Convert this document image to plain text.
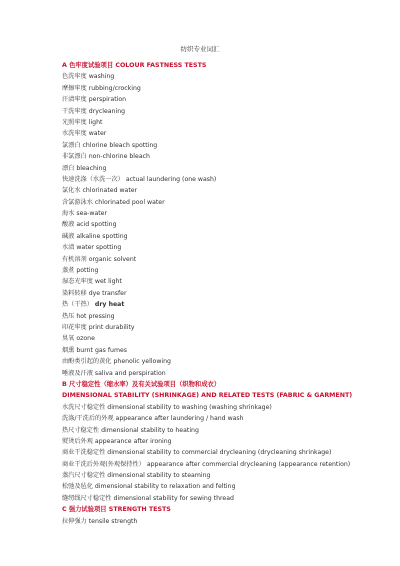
纺织专业词汇
A 色牢度试验项目 COLOUR FASTNESS TESTS
色洗牢度 washing
摩擦牢度 rubbing/crocking
汗渍牢度 perspiration
干洗牢度 drycleaning
光照牢度 light
水洗牢度 water
氯漂白 chlorine bleach spotting
非氯漂白 non-chlorine bleach
漂白 bleaching
快速洗涤（水洗一次） actual laundering (one wash)
氯化水 chlorinated water
含氯游泳水 chlorinated pool water
海水 sea-water
酸液 acid spotting
碱液 alkaline spotting
水渍 water spotting
有机溶剂 organic solvent
蒸煮 potting
湿态光牢度 wet light
染料转移 dye transfer
热（干热） dry heat
热压 hot pressing
印花牢度 print durability
臭氧 ozone
烟熏 burnt gas fumes
由酚类引起的黄化 phenolic yellowing
唾液及汗液 saliva and perspiration
B 尺寸稳定性（缩水率）及有关试验项目（织物和成衣）
DIMENSIONAL STABILITY (SHRINKAGE) AND RELATED TESTS (FABRIC & GARMENT)
水洗尺寸稳定性 dimensional stability to washing (washing shrinkage)
洗涤/干洗后的外观 appearance after laundering / hand wash
热尺寸稳定性 dimensional stability to heating
熨烫后外观 appearance after ironing
商业干洗稳定性 dimensional stability to commercial drycleaning (drycleaning shrinkage)
商业干洗后外观(外观保持性） appearance after commercial drycleaning (appearance retention)
蒸汽尺寸稳定性 dimensional stability to steaming
松弛及毡化 dimensional stability to relaxation and felting
缝纫线尺寸稳定性 dimensional stability for sewing thread
C 强力试验项目 STRENGTH TESTS
拉伸强力 tensile strength
